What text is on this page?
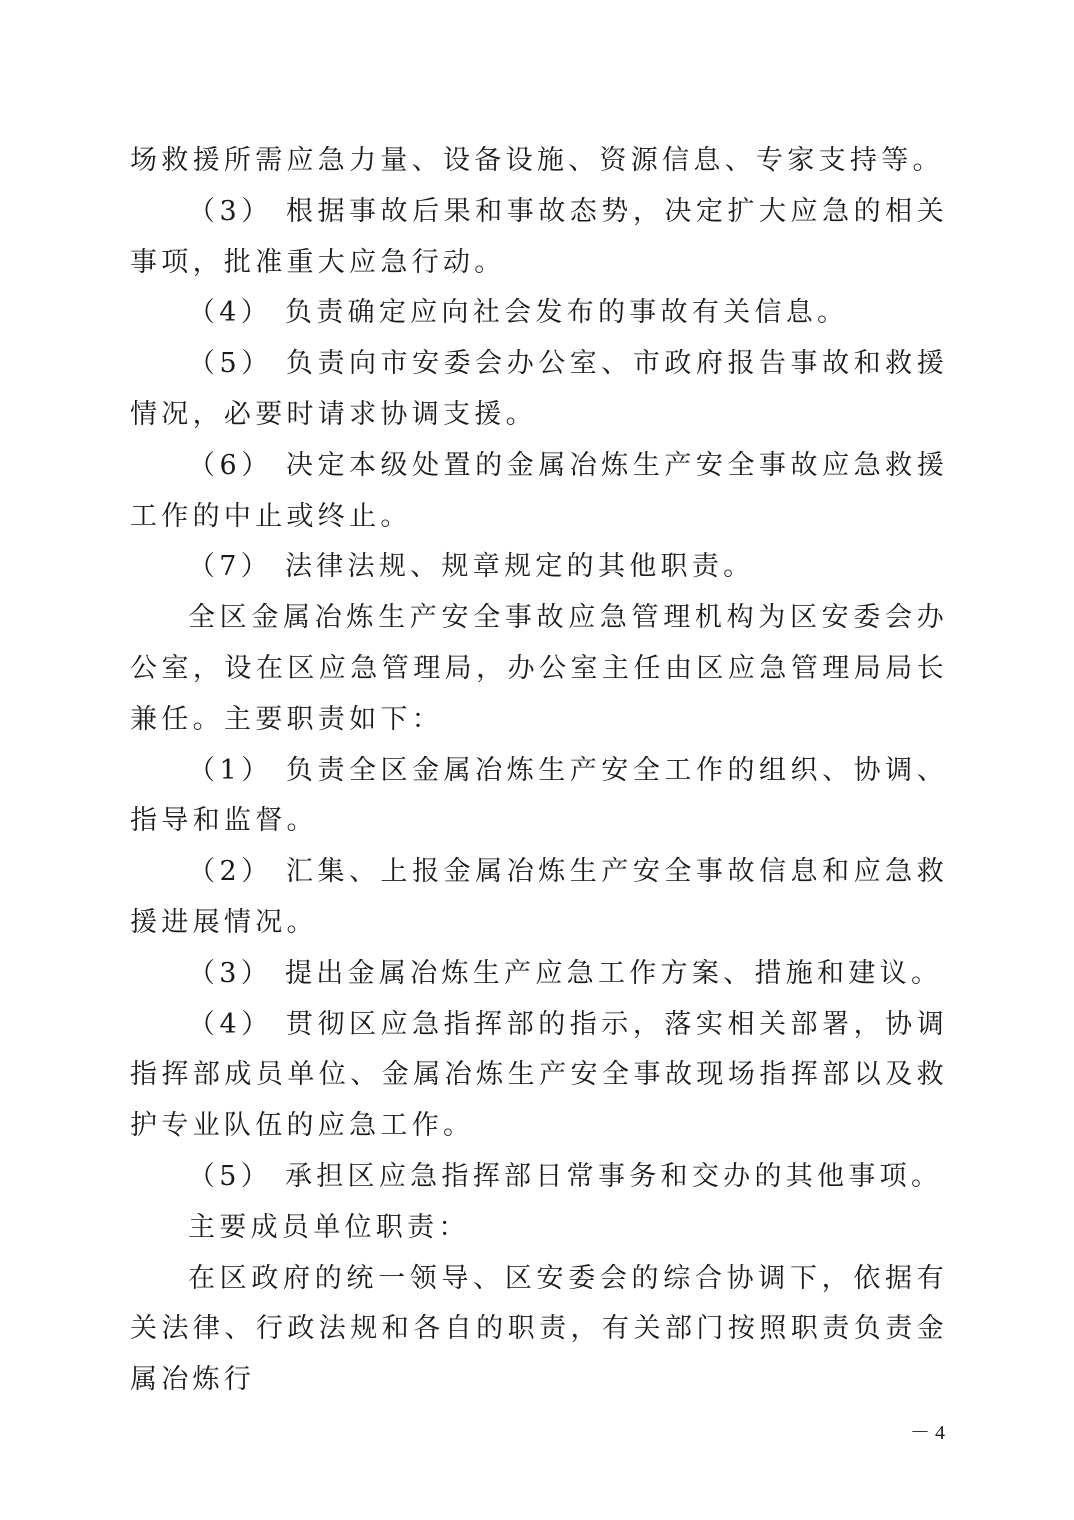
场救援所需应急力量、设备设施、资源信息、专家支持等。

（3） 根据事故后果和事故态势，决定扩大应急的相关事项，批准重大应急行动。

（4） 负责确定应向社会发布的事故有关信息。

（5） 负责向市安委会办公室、市政府报告事故和救援情况，必要时请求协调支援。

（6） 决定本级处置的金属冶炼生产安全事故应急救援工作的中止或终止。

（7） 法律法规、规章规定的其他职责。

全区金属冶炼生产安全事故应急管理机构为区安委会办公室，设在区应急管理局，办公室主任由区应急管理局局长兼任。主要职责如下：

（1） 负责全区金属冶炼生产安全工作的组织、协调、指导和监督。

（2） 汇集、上报金属冶炼生产安全事故信息和应急救援进展情况。

（3） 提出金属冶炼生产应急工作方案、措施和建议。

（4） 贯彻区应急指挥部的指示，落实相关部署，协调指挥部成员单位、金属冶炼生产安全事故现场指挥部以及救护专业队伍的应急工作。

（5） 承担区应急指挥部日常事务和交办的其他事项。

主要成员单位职责：

在区政府的统一领导、区安委会的综合协调下，依据有关法律、行政法规和各自的职责，有关部门按照职责负责金属冶炼行

－ 4
